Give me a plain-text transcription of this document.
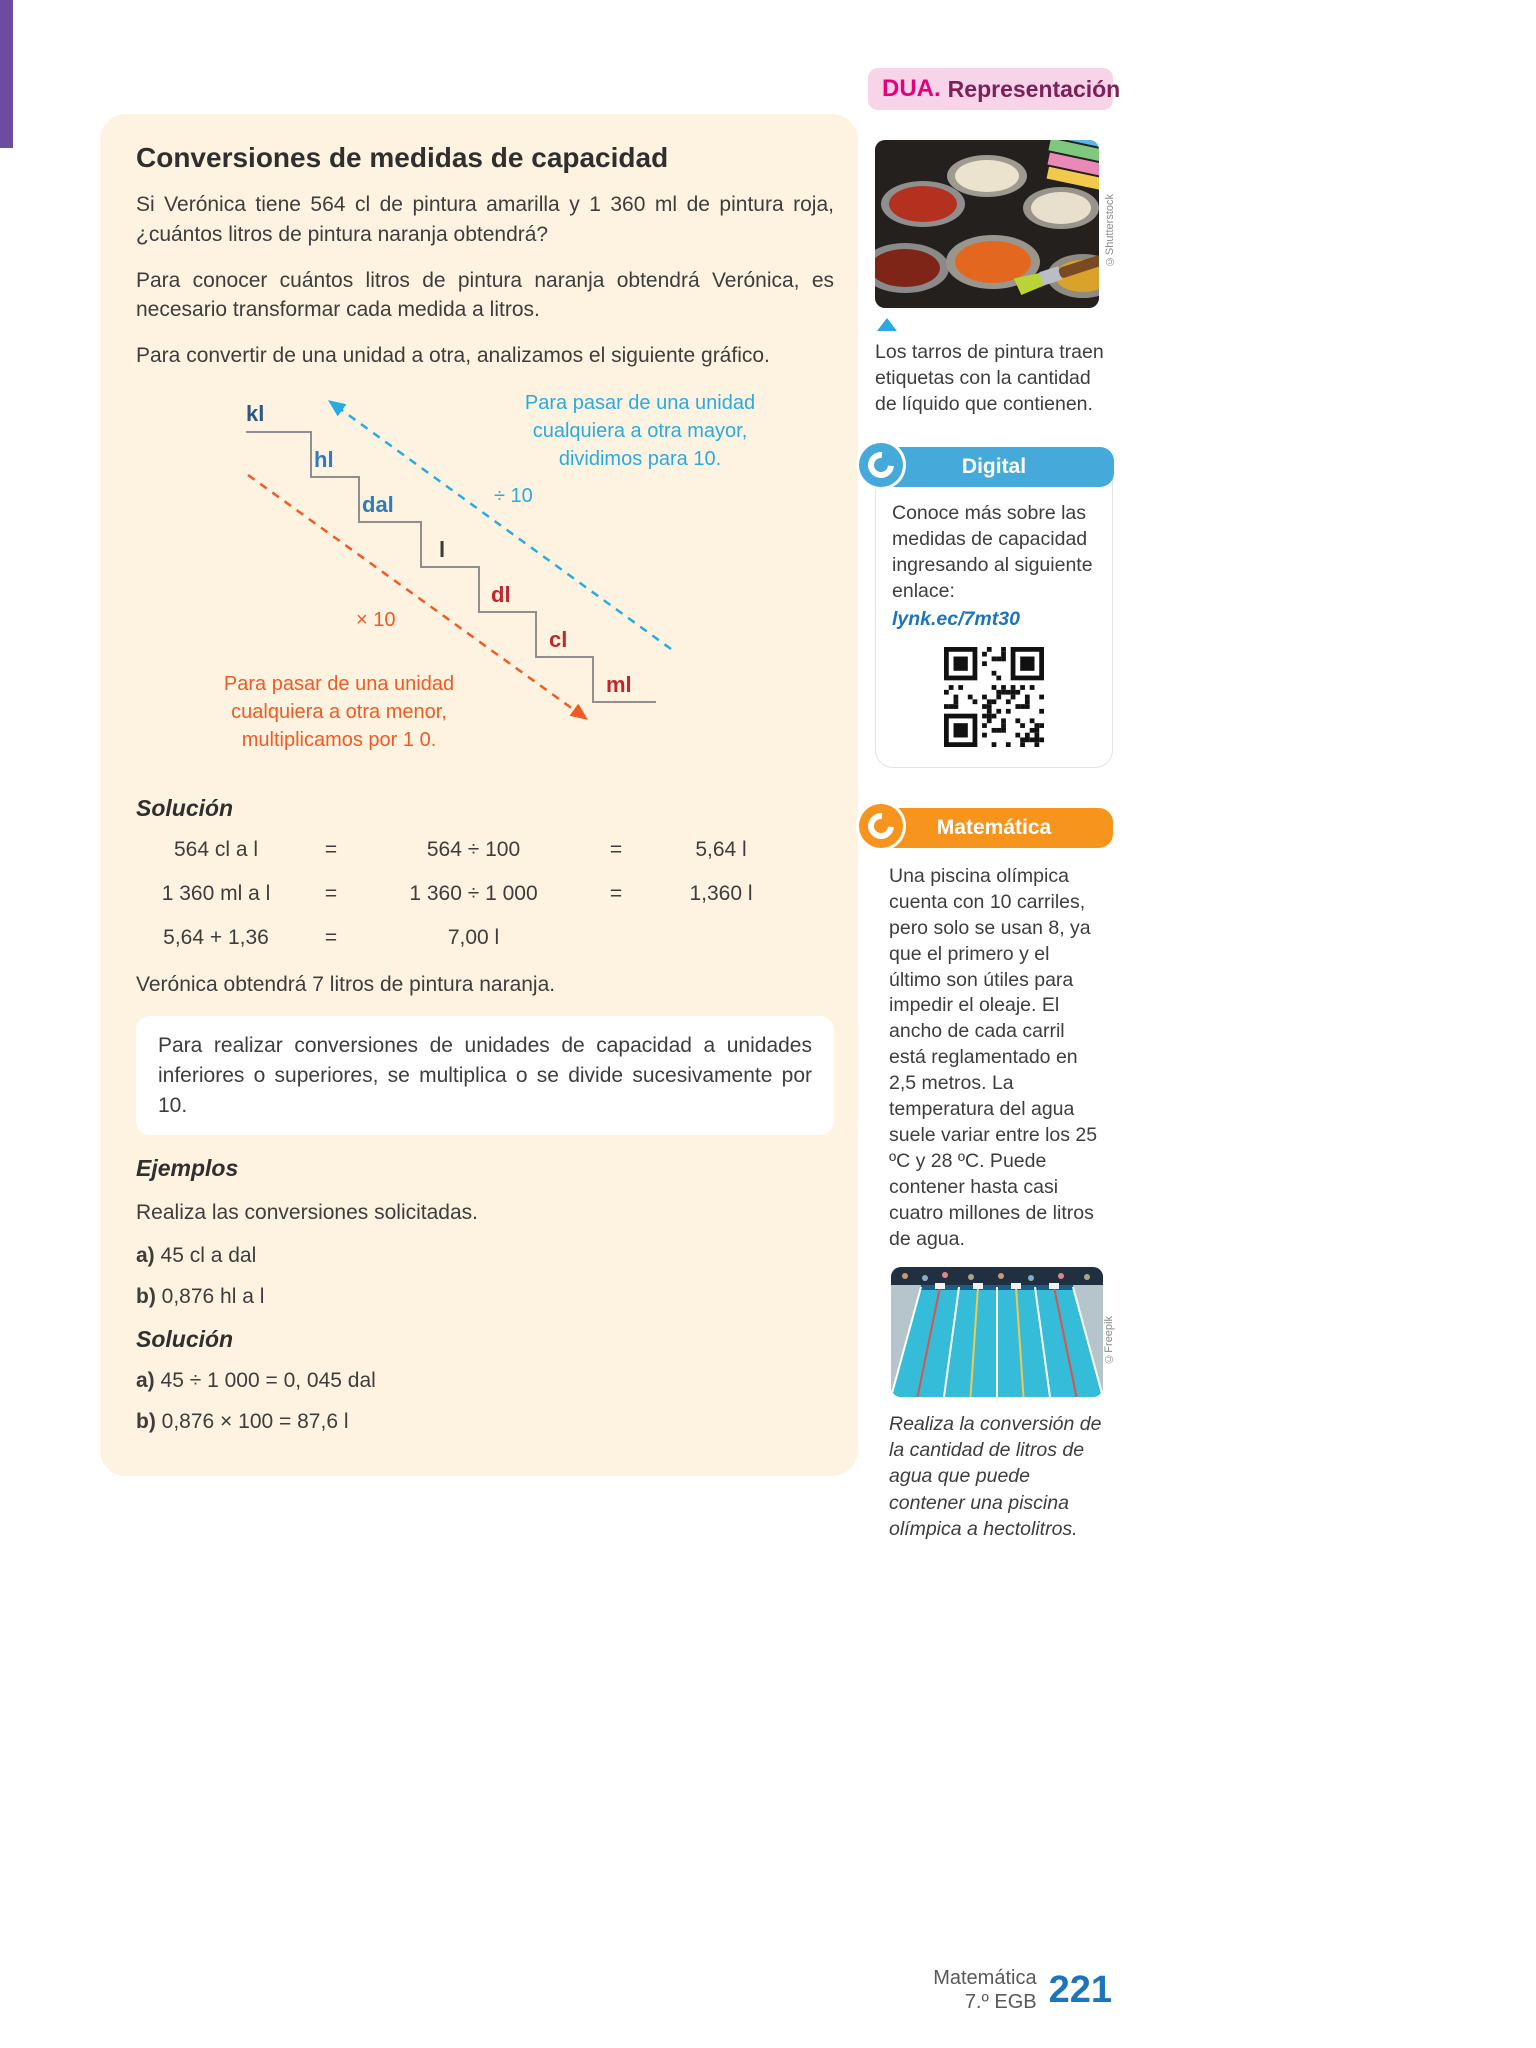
DUA. Representación
Conversiones de medidas de capacidad

Si Verónica tiene 564 cl de pintura amarilla y 1 360 ml de pintura roja, ¿cuántos litros de pintura naranja obtendrá?

Para conocer cuántos litros de pintura naranja obtendrá Verónica, es necesario transformar cada medida a litros.

Para convertir de una unidad a otra, analizamos el siguiente gráfico.

kl
hl
dal
l
dl
cl
ml
Para pasar de una unidad cualquiera a otra mayor, dividimos para 10.
÷ 10
Para pasar de una unidad cualquiera a otra menor, multiplicamos por 1 0.
× 10
Solución
564 cl a l	=	564 ÷ 100	=	5,64 l
1 360 ml a l	=	1 360 ÷ 1 000	=	1,360 l
5,64 + 1,36	=	7,00 l

Verónica obtendrá 7 litros de pintura naranja.

Para realizar conversiones de unidades de capacidad a unidades inferiores o superiores, se multiplica o se divide sucesivamente por 10.
Ejemplos

Realiza las conversiones solicitadas.

a) 45 cl a dal

b) 0,876 hl a l

Solución

a) 45 ÷ 1 000 = 0, 045 dal

b) 0,876 × 100 = 87,6 l

©Shutterstock

Los tarros de pintura traen etiquetas con la cantidad de líquido que contienen.

Digital
Conoce más sobre las medidas de capacidad ingresando al siguiente enlace:
lynk.ec/7mt30
Matemática

Una piscina olímpica cuenta con 10 carriles, pero solo se usan 8, ya que el primero y el último son útiles para impedir el oleaje. El ancho de cada carril está reglamentado en 2,5 metros. La temperatura del agua suele variar entre los 25 ºC y 28 ºC. Puede contener hasta casi cuatro millones de litros de agua.

©Freepik

Realiza la conversión de la cantidad de litros de agua que puede contener una piscina olímpica a hectolitros.

Matemática
7.º EGB 221
